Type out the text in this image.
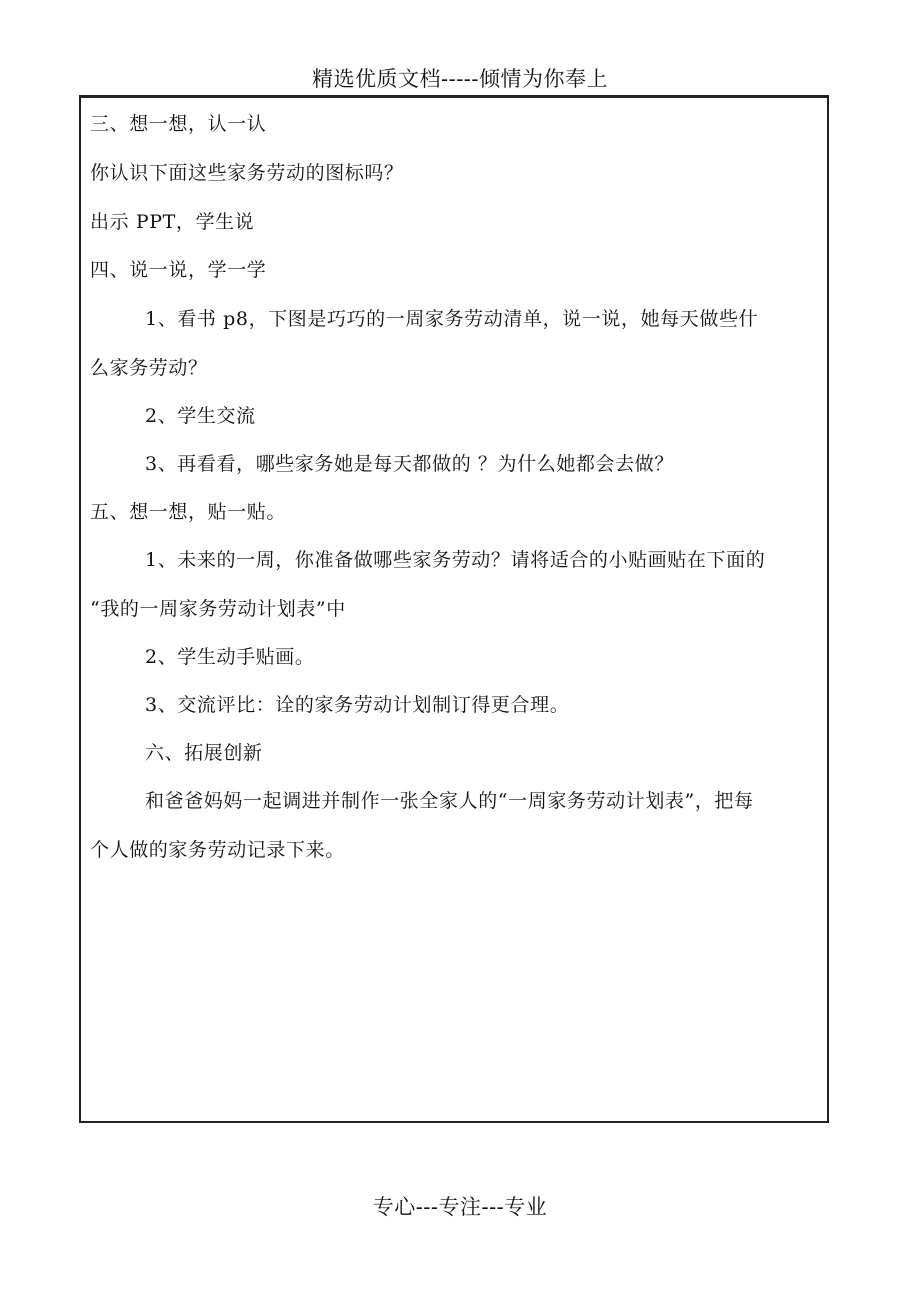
精选优质文档-----倾情为你奉上
三、想一想，认一认
你认识下面这些家务劳动的图标吗？
出示 PPT，学生说
四、说一说，学一学
1、看书 p8，下图是巧巧的一周家务劳动清单，说一说，她每天做些什
么家务劳动？
2、学生交流
3、再看看，哪些家务她是每天都做的 ？为什么她都会去做？
五、想一想，贴一贴。
1、未来的一周，你准备做哪些家务劳动？请将适合的小贴画贴在下面的
“我的一周家务劳动计划表”中
2、学生动手贴画。
3、交流评比：诠的家务劳动计划制订得更合理。
六、拓展创新
和爸爸妈妈一起调进并制作一张全家人的“一周家务劳动计划表”，把每
个人做的家务劳动记录下来。
专心---专注---专业
